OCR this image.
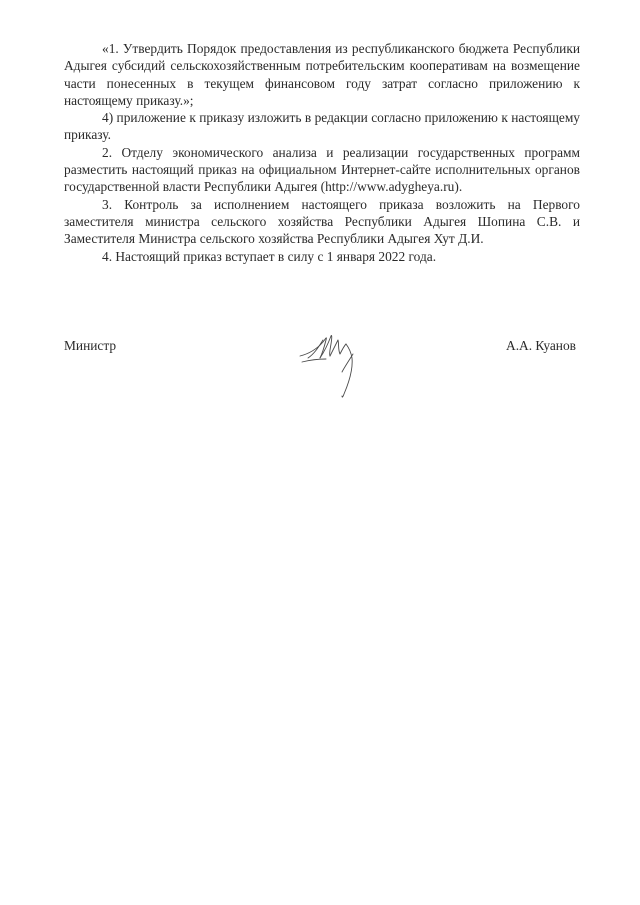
«1. Утвердить Порядок предоставления из республиканского бюджета Республики Адыгея субсидий сельскохозяйственным потребительским кооперативам на возмещение части понесенных в текущем финансовом году затрат согласно приложению к настоящему приказу.»;

4) приложение к приказу изложить в редакции согласно приложению к настоящему приказу.

2. Отделу экономического анализа и реализации государственных программ разместить настоящий приказ на официальном Интернет-сайте исполнительных органов государственной власти Республики Адыгея (http://www.adygheya.ru).

3. Контроль за исполнением настоящего приказа возложить на Первого заместителя министра сельского хозяйства Республики Адыгея Шопина С.В. и Заместителя Министра сельского хозяйства Республики Адыгея Хут Д.И.

4. Настоящий приказ вступает в силу с 1 января 2022 года.

Министр	А.А. Куанов
